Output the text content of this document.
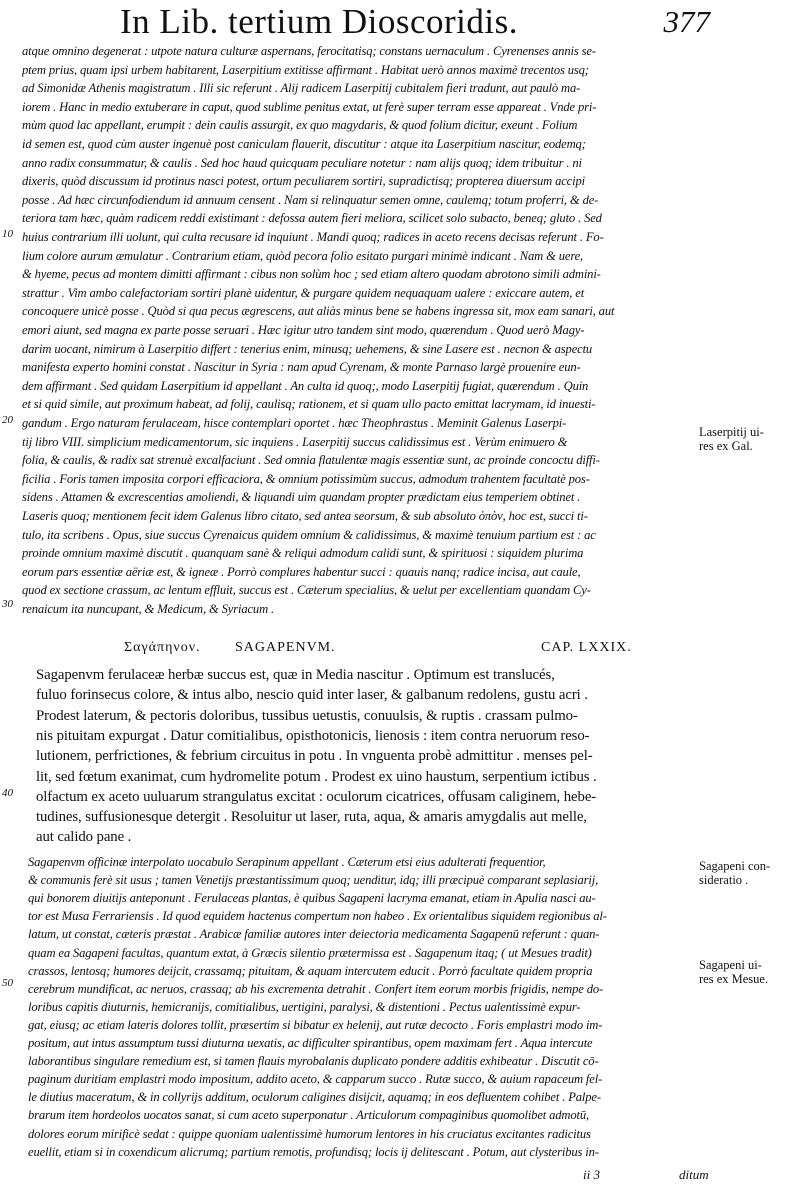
In Lib. tertium Dioscoridis.	377
atque omnino degenerat : utpote natura culturæ aspernans, ferocitatisq; constans uernaculum . Cyrenenses annis se-
ptem prius, quam ipsi urbem habitarent, Laserpitium extitisse affirmant . Habitat uerò annos maximè trecentos usq;
ad Simonidæ Athenis magistratum . Illi sic referunt . Alij radicem Laserpitij cubitalem fieri tradunt, aut paulò ma-
iorem . Hanc in medio extuberare in caput, quod sublime penitus extat, ut ferè super terram esse appareat . Vnde pri-
mùm quod lac appellant, erumpit : dein caulis assurgit, ex quo magydaris, & quod folium dicitur, exeunt . Folium
id semen est, quod cùm auster ingenuè post caniculam flauerit, discutitur : atque ita Laserpitium nascitur, eodemq;
anno radix consummatur, & caulis . Sed hoc haud quicquam peculiare notetur : nam alijs quoq; idem tribuitur . ni
dixeris, quòd discussum id protinus nasci potest, ortum peculiarem sortiri, supradictisq; propterea diuersum accipi
posse . Ad hæc circunfodiendum id annuum censent . Nam si relinquatur semen omne, caulemq; totum proferri, & de-
teriora tam hæc, quàm radicem reddi existimant : defossa autem fieri meliora, scilicet solo subacto, beneq; gluto . Sed
huius contrarium illi uolunt, qui culta recusare id inquiunt . Mandi quoq; radices in aceto recens decisas referunt . Fo-
lium colore aurum æmulatur . Contrarium etiam, quòd pecora folio esitato purgari minimè indicant . Nam & uere,
& hyeme, pecus ad montem dimitti affirmant : cibus non solùm hoc ; sed etiam altero quodam abrotono simili admini-
strattur . Vim ambo calefactoriam sortiri planè uidentur, & purgare quidem nequaquam ualere : exiccare autem, et
concoquere unicè posse . Quòd si qua pecus ægrescens, aut aliàs minus bene se habens ingressa sit, mox eam sanari, aut
emori aiunt, sed magna ex parte posse seruari . Hæc igitur utro tandem sint modo, quærendum . Quod uerò Magy-
darim uocant, nimirum à Laserpitio differt : tenerius enim, minusq; uehemens, & sine Lasere est . necnon & aspectu
manifesta experto homini constat . Nascitur in Syria : nam apud Cyrenam, & monte Parnaso largè prouenire eun-
dem affirmant . Sed quidam Laserpitium id appellant . An culta id quoq;, modo Laserpitij fugiat, quærendum . Quin
et si quid simile, aut proximum habeat, ad folij, caulisq; rationem, et si quam ullo pacto emittat lacrymam, id inuesti-
gandum . Ergo naturam ferulaceam, hisce contemplari oportet . hæc Theophrastus . Meminit Galenus Laserpi-
tij libro VIII. simplicium medicamentorum, sic inquiens . Laserpitij succus calidissimus est . Verùm enimuero &
folia, & caulis, & radix sat strenuè excalfaciunt . Sed omnia flatulentæ magis essentiæ sunt, ac proinde concoctu diffi-
ficilia . Foris tamen imposita corpori efficaciora, & omnium potissimùm succus, admodum trahentem facultatè pos-
sidens . Attamen & excrescentias amoliendi, & liquandi uim quandam propter prædictam eius temperiem obtinet .
Laseris quoq; mentionem fecit idem Galenus libro citato, sed antea seorsum, & sub absoluto ὀπὸν, hoc est, succi ti-
tulo, ita scribens . Opus, siue succus Cyrenaicus quidem omnium & calidissimus, & maximè tenuium partium est : ac
proinde omnium maximè discutit . quanquam sanè & reliqui admodum calidi sunt, & spirituosi : siquidem plurima
eorum pars essentiæ aëriæ est, & igneæ . Porrò complures habentur succi : quauis nanq; radice incisa, aut caule,
quod ex sectione crassum, ac lentum effluit, succus est . Cæterum specialius, & uelut per excellentiam quandam Cy-
renaicum ita nuncupant, & Medicum, & Syriacum .
Σαγάπηνον. SAGAPENVM.	CAP. LXXIX.
Sagapenvm ferulaceæ herbæ succus est, quæ in Media nascitur . Optimum est translucés,
fuluo forinsecus colore, & intus albo, nescio quid inter laser, & galbanum redolens, gustu acri .
Prodest laterum, & pectoris doloribus, tussibus uetustis, conuulsis, & ruptis . crassam pulmo-
nis pituitam expurgat . Datur comitialibus, opisthotonicis, lienosis : item contra neruorum reso-
lutionem, perfrictiones, & febrium circuitus in potu . In vnguenta probè admittitur . menses pel-
lit, sed fœtum exanimat, cum hydromelite potum . Prodest ex uino haustum, serpentium ictibus .
olfactum ex aceto uuluarum strangulatus excitat : oculorum cicatrices, offusam caliginem, hebe-
tudines, suffusionesque detergit . Resoluitur ut laser, ruta, aqua, & amaris amygdalis aut melle,
aut calido pane .
Sagapenvm officinæ interpolato uocabulo Serapinum appellant . Cæterum etsi eius adulterati frequentior,
& communis ferè sit usus ; tamen Venetijs præstantissimum quoq; uenditur, idq; illi præcipuè comparant seplasiarij,
qui bonorem diuitijs anteponunt . Ferulaceas plantas, è quibus Sagapeni lacryma emanat, etiam in Apulia nasci au-
tor est Musa Ferrariensis . Id quod equidem hactenus compertum non habeo . Ex orientalibus siquidem regionibus al-
latum, ut constat, cæteris præstat . Arabicæ familiæ autores inter deiectoria medicamenta Sagapenū referunt : quan-
quam ea Sagapeni facultas, quantum extat, à Græcis silentio prætermissa est . Sagapenum itaq; ( ut Mesues tradit)
crassos, lentosq; humores deijcit, crassamq; pituitam, & aquam intercutem educit . Porrò facultate quidem propria
cerebrum mundificat, ac neruos, crassaq; ab his excrementa detrahit . Confert item eorum morbis frigidis, nempe do-
loribus capitis diuturnis, hemicranijs, comitialibus, uertigini, paralysi, & distentioni . Pectus ualentissimè expur-
gat, eiusq; ac etiam lateris dolores tollit, præsertim si bibatur ex helenij, aut rutæ decocto . Foris emplastri modo im-
positum, aut intus assumptum tussi diuturna uexatis, ac difficulter spirantibus, opem maximam fert . Aqua intercute
laborantibus singulare remedium est, si tamen flauis myrobalanis duplicato pondere additis exhibeatur . Discutit cō-
paginum duritiam emplastri modo impositum, addito aceto, & capparum succo . Rutæ succo, & auium rapaceum fel-
le diutius maceratum, & in collyrijs additum, oculorum caligines disijcit, aquamq; in eos defluentem cohibet . Palpe-
brarum item hordeolos uocatos sanat, si cum aceto superponatur . Articulorum compaginibus quomolibet admotū,
dolores eorum mirificè sedat : quippe quoniam ualentissimè humorum lentores in his cruciatus excitantes radicitus
euellit, etiam si in coxendicum alicrumq; partium remotis, profundisq; locis ij delitescant . Potum, aut clysteribus in-
10
20
30
40
50
Laserpitij ui-
res ex Gal.
Sagapeni con-
sideratio .
Sagapeni ui-
res ex Mesue.
ii 3	ditum
